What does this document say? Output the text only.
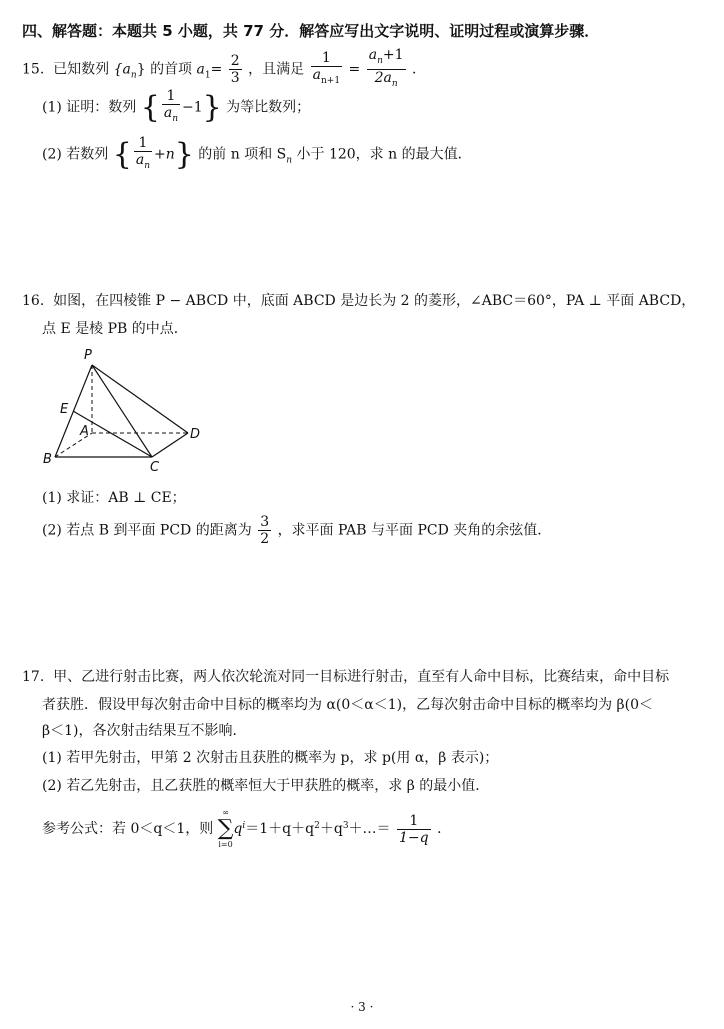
四、解答题：本题共 5 小题，共 77 分．解答应写出文字说明、证明过程或演算步骤．
15. 已知数列 $\{a_n\}$ 的首项 $a_1= \frac{2}{3}$ ，且满足 $\frac{1}{a_{n+1}} = \frac{a_n+1}{2a_n}$ ．
(1) 证明：数列 { $\frac{1}{a_n} -1$} 为等比数列；
(2) 若数列 { $\frac{1}{a_n} +n$} 的前 n 项和 $S_n$ 小于 120，求 n 的最大值．
16. 如图，在四棱锥 P − ABCD 中，底面 ABCD 是边长为 2 的菱形，∠ABC＝60°，PA ⊥ 平面 ABCD，
点 E 是棱 PB 的中点．
P
E
A
B
C
D
(1) 求证：AB ⊥ CE；
(2) 若点 B 到平面 PCD 的距离为 $\frac{3}{2}$ ，求平面 PAB 与平面 PCD 夹角的余弦值．
17. 甲、乙进行射击比赛，两人依次轮流对同一目标进行射击，直至有人命中目标，比赛结束，命中目标
者获胜．假设甲每次射击命中目标的概率均为 α(0＜α＜1)，乙每次射击命中目标的概率均为 β(0＜
β＜1)，各次射击结果互不影响．
(1) 若甲先射击，甲第 2 次射击且获胜的概率为 p，求 p(用 α，β 表示)；
(2) 若乙先射击，且乙获胜的概率恒大于甲获胜的概率，求 β 的最小值．
参考公式：若 0＜q＜1，则
∞
∑
i=0
$q^i=1+q+q^2+q^3+\dots= \frac{1}{1-q}$ ．
· 3 ·
